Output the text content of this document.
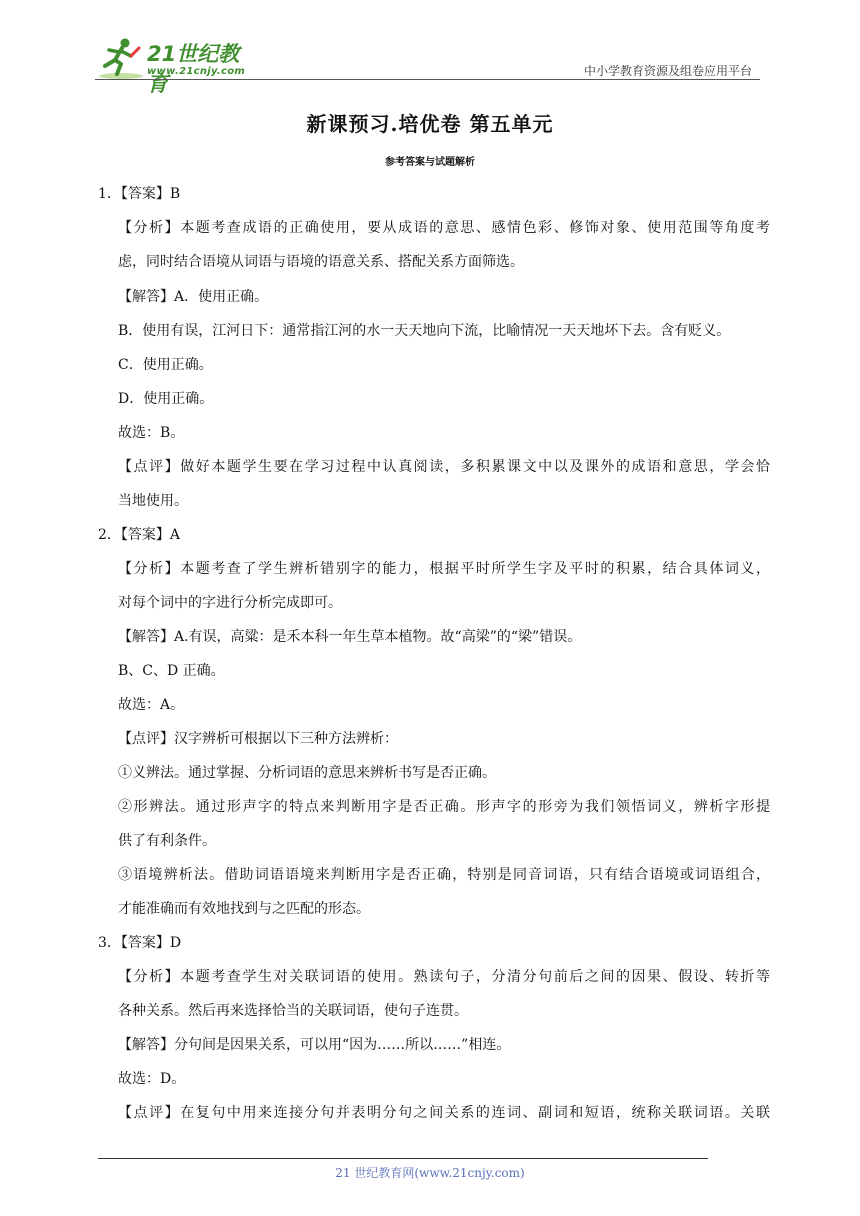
21世纪教育
www.21cnjy.com	中小学教育资源及组卷应用平台
新课预习.培优卷 第五单元
参考答案与试题解析
1．【答案】B
【分析】本题考查成语的正确使用，要从成语的意思、感情色彩、修饰对象、使用范围等角度考
虑，同时结合语境从词语与语境的语意关系、搭配关系方面筛选。
【解答】A．使用正确。
B．使用有误，江河日下：通常指江河的水一天天地向下流，比喻情况一天天地坏下去。含有贬义。
C．使用正确。
D．使用正确。
故选：B。
【点评】做好本题学生要在学习过程中认真阅读，多积累课文中以及课外的成语和意思，学会恰
当地使用。
2．【答案】A
【分析】本题考查了学生辨析错别字的能力，根据平时所学生字及平时的积累，结合具体词义，
对每个词中的字进行分析完成即可。
【解答】A.有误，高粱：是禾本科一年生草本植物。故“高梁”的“梁”错误。
B、C、D 正确。
故选：A。
【点评】汉字辨析可根据以下三种方法辨析：
①义辨法。通过掌握、分析词语的意思来辨析书写是否正确。
②形辨法。通过形声字的特点来判断用字是否正确。形声字的形旁为我们领悟词义，辨析字形提
供了有利条件。
③语境辨析法。借助词语语境来判断用字是否正确，特别是同音词语，只有结合语境或词语组合，
才能准确而有效地找到与之匹配的形态。
3．【答案】D
【分析】本题考查学生对关联词语的使用。熟读句子，分清分句前后之间的因果、假设、转折等
各种关系。然后再来选择恰当的关联词语，使句子连贯。
【解答】分句间是因果关系，可以用“因为……所以……”相连。
故选：D。
【点评】在复句中用来连接分句并表明分句之间关系的连词、副词和短语，统称关联词语。关联
21 世纪教育网(www.21cnjy.com)
